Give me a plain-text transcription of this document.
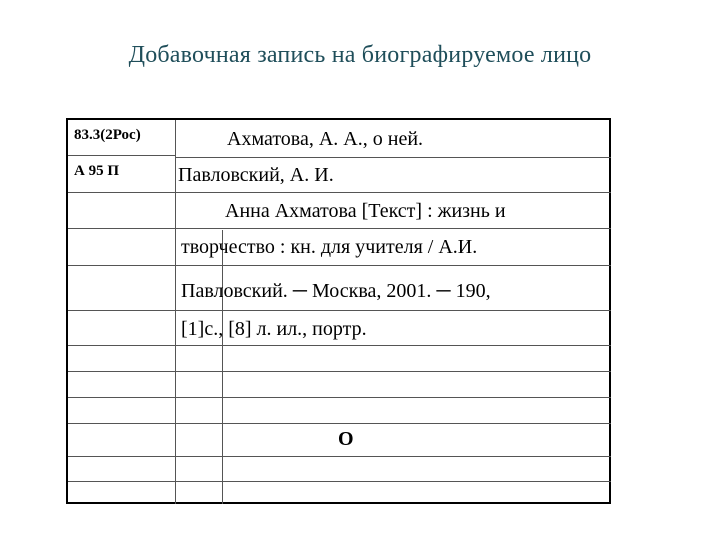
Добавочная запись на биографируемое лицо
83.3(2Рос)
А 95 П
Ахматова, А. А., о ней.
Павловский, А. И.
Анна Ахматова [Текст] : жизнь и
творчество : кн. для учителя / А.И.
Павловский. ─ Москва, 2001. ─ 190,
[1]с., [8] л. ил., портр.
O
